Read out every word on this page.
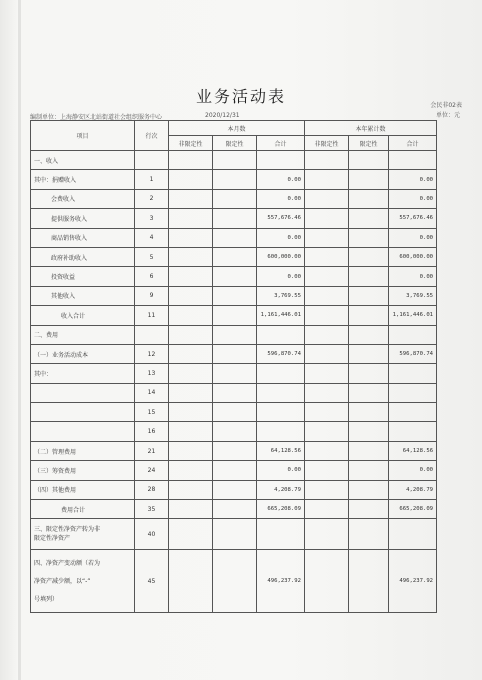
业务活动表	会民非02表
单位：元
编制单位：上海静安区北站街道社会组织服务中心	2020/12/31
项目	行次	本月数			本年累计数		
		非限定性	限定性	合计	非限定性	限定性	合计
一、收入							
其中：捐赠收入	1			0.00			0.00
会费收入	2			0.00			0.00
提供服务收入	3			557,676.46			557,676.46
商品销售收入	4			0.00			0.00
政府补助收入	5			600,000.00			600,000.00
投资收益	6			0.00			0.00
其他收入	9			3,769.55			3,769.55
收入合计	11			1,161,446.01			1,161,446.01
二、费用							
（一）业务活动成本	12			596,870.74			596,870.74
其中：	13						
	14						
	15						
	16						
（二）管理费用	21			64,128.56			64,128.56
（三）筹资费用	24			0.00			0.00
（四）其他费用	28			4,208.79			4,208.79
费用合计	35			665,208.09			665,208.09
三、限定性净资产转为非
限定性净资产	40						
四、净资产变动额（若为

净资产减少额，以“-”

号填列）	45			496,237.92			496,237.92
